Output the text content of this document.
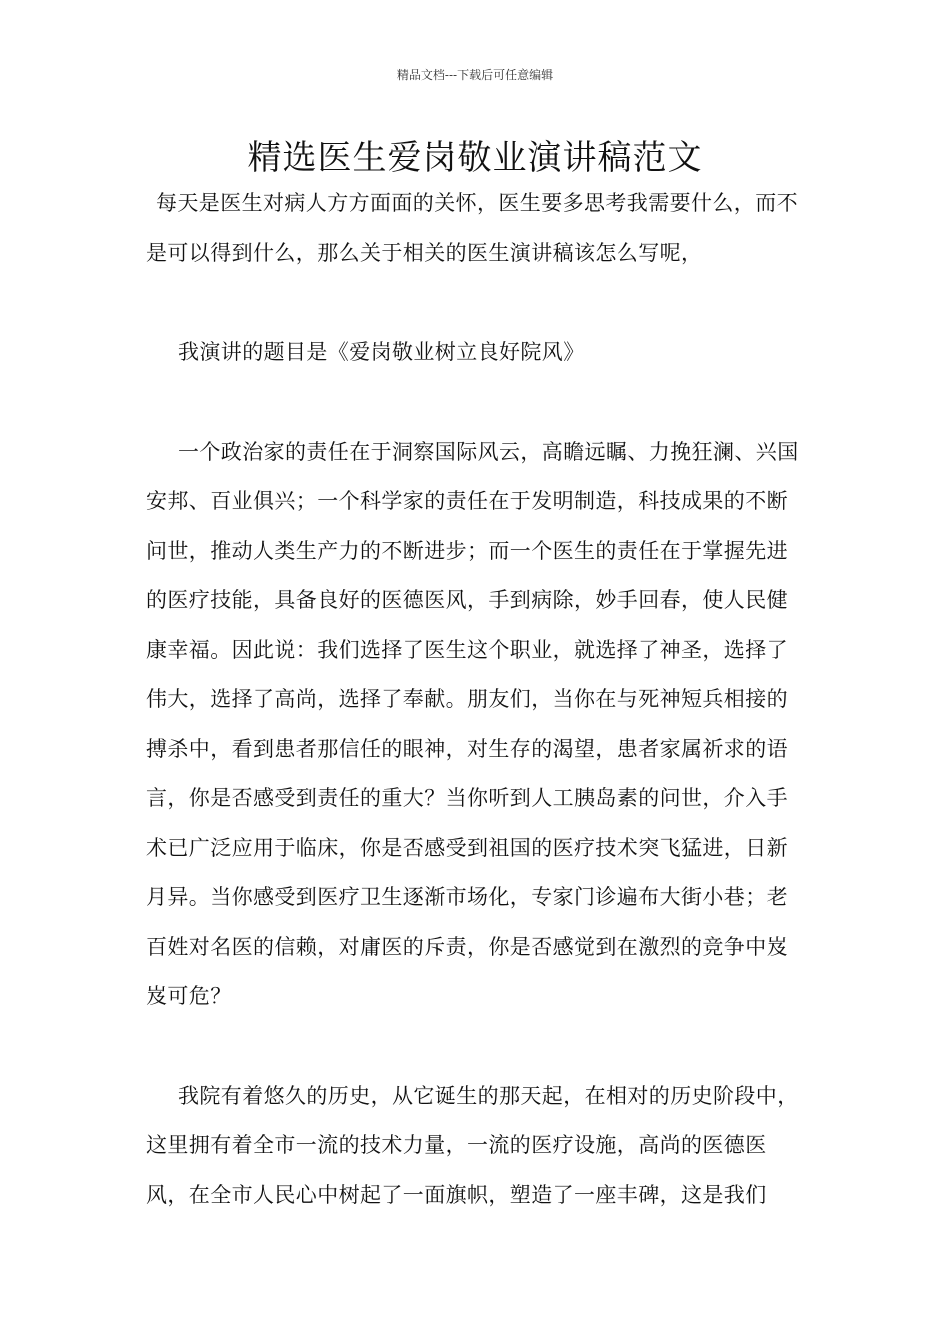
精品文档---下载后可任意编辑
精选医生爱岗敬业演讲稿范文

每天是医生对病人方方面面的关怀，医生要多思考我需要什么，而不是可以得到什么，那么关于相关的医生演讲稿该怎么写呢，

我演讲的题目是《爱岗敬业树立良好院风》

一个政治家的责任在于洞察国际风云，高瞻远瞩、力挽狂澜、兴国安邦、百业俱兴；一个科学家的责任在于发明制造，科技成果的不断问世，推动人类生产力的不断进步；而一个医生的责任在于掌握先进的医疗技能，具备良好的医德医风，手到病除，妙手回春，使人民健康幸福。因此说：我们选择了医生这个职业，就选择了神圣，选择了伟大，选择了高尚，选择了奉献。朋友们，当你在与死神短兵相接的搏杀中，看到患者那信任的眼神，对生存的渴望，患者家属祈求的语言，你是否感受到责任的重大？当你听到人工胰岛素的问世，介入手术已广泛应用于临床，你是否感受到祖国的医疗技术突飞猛进，日新月异。当你感受到医疗卫生逐渐市场化，专家门诊遍布大街小巷；老百姓对名医的信赖，对庸医的斥责，你是否感觉到在激烈的竞争中岌岌可危？

我院有着悠久的历史，从它诞生的那天起，在相对的历史阶段中，这里拥有着全市一流的技术力量，一流的医疗设施，高尚的医德医风，在全市人民心中树起了一面旗帜，塑造了一座丰碑，这是我们
